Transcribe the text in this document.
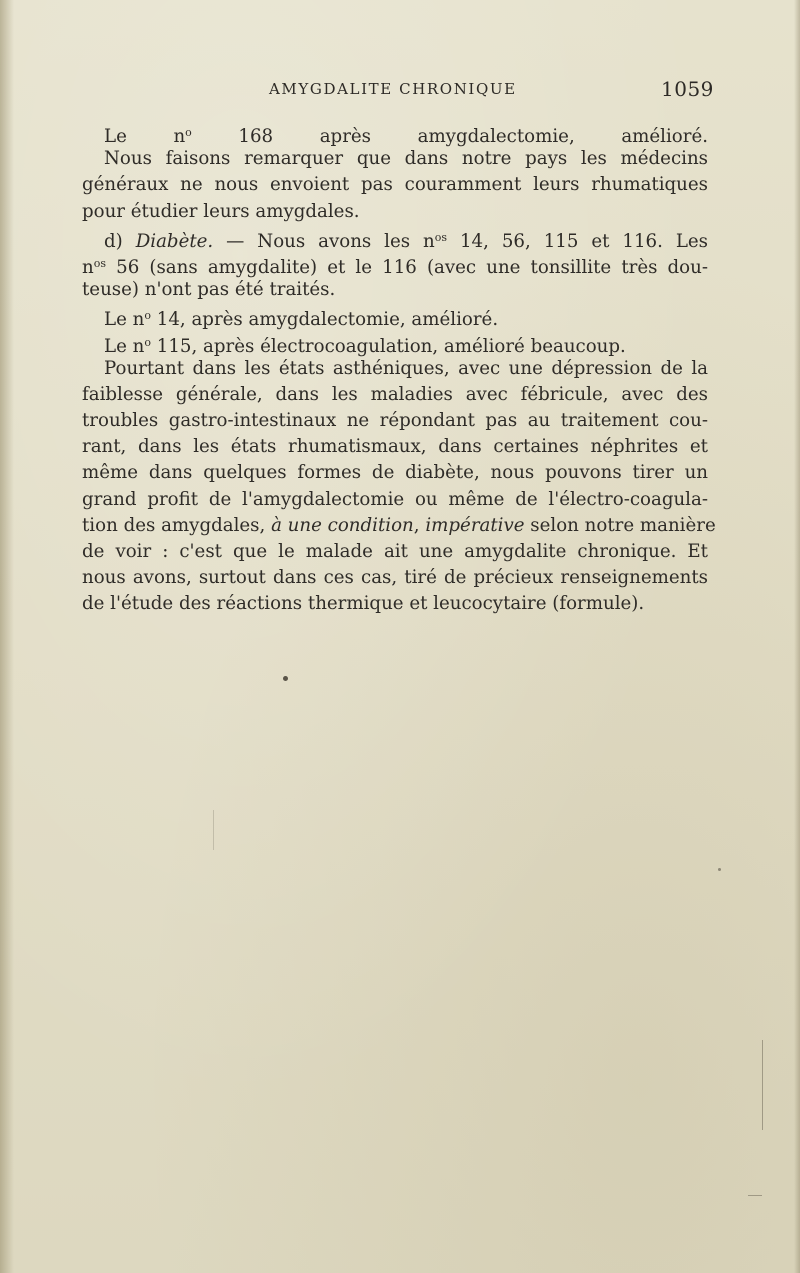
AMYGDALITE CHRONIQUE	1059
Le $n^o$ 168 après amygdalectomie, amélioré.
Nous faisons remarquer que dans notre pays les médecins
généraux ne nous envoient pas couramment leurs rhumatiques
pour étudier leurs amygdales.
d) Diabète. — Nous avons les $n^{os}$ 14, 56, 115 et 116. Les
$n^{os}$ 56 (sans amygdalite) et le 116 (avec une tonsillite très dou-
teuse) n'ont pas été traités.
Le $n^o$ 14, après amygdalectomie, amélioré.
Le $n^o$ 115, après électrocoagulation, amélioré beaucoup.
Pourtant dans les états asthéniques, avec une dépression de la
faiblesse générale, dans les maladies avec fébricule, avec des
troubles gastro-intestinaux ne répondant pas au traitement cou-
rant, dans les états rhumatismaux, dans certaines néphrites et
même dans quelques formes de diabète, nous pouvons tirer un
grand profit de l'amygdalectomie ou même de l'électro-coagula-
tion des amygdales, à une condition, impérative selon notre manière
de voir : c'est que le malade ait une amygdalite chronique. Et
nous avons, surtout dans ces cas, tiré de précieux renseignements
de l'étude des réactions thermique et leucocytaire (formule).
